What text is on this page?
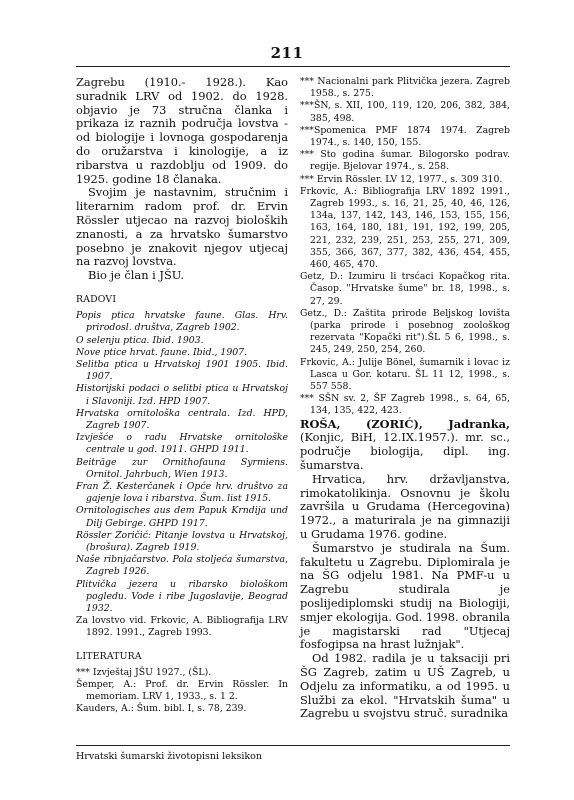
211

Zagrebu (1910.- 1928.). Kao suradnik LRV od 1902. do 1928. objavio je 73 stručna članka i prikaza iz raznih područja lovstva - od biologije i lovnoga gospodarenja do oružarstva i kinologije, a iz ribarstva u razdoblju od 1909. do 1925. godine 18 članaka.

Svojim je nastavnim, stručnim i literarnim radom prof. dr. Ervin Rössler utjecao na razvoj bioloških znanosti, a za hrvatsko šumarstvo posebno je znakovit njegov utjecaj na razvoj lovstva.

Bio je član i JŠU.

RADOVI

Popis ptica hrvatske faune. Glas. Hrv. prirodosl. društva, Zagreb 1902.

O selenju ptica. Ibid. 1903.

Nove ptice hrvat. faune. Ibid., 1907.

Selitba ptica u Hrvatskoj 1901 1905. Ibid. 1907.

Historijski podaci o selitbi ptica u Hrvatskoj i Slavoniji. Izd. HPD 1907.

Hrvatska ornitološka centrala. Izd. HPD, Zagreb 1907.

Izvješće o radu Hrvatske ornitološke centrale u god. 1911. GHPD 1911.

Beiträge zur Ornithofauna Syrmiens. Ornitol. Jahrbuch, Wien 1913.

Fran Ž. Kesterčanek i Opće hrv. društvo za gajenje lova i ribarstva. Šum. list 1915.

Ornitologisches aus dem Papuk Krndija und Dilj Gebirge. GHPD 1917.

Rössler Zoričić: Pitanje lovstva u Hrvatskoj, (brošura). Zagreb 1919.

Naše ribnjačarstvo. Pola stoljeća šumarstva, Zagreb 1926.

Plitvička jezera u ribarsko biološkom pogledu. Vode i ribe Jugoslavije, Beograd 1932.

Za lovstvo vid. Frkovic, A. Bibliografija LRV 1892. 1991., Zagreb 1993.

LITERATURA

*** Izvještaj JŠU 1927., (ŠL).

Šemper, A.: Prof. dr. Ervin Rössler. In memoriam. LRV 1, 1933., s. 1 2.

Kauders, A.: Šum. bibl. I, s. 78, 239.

*** Nacionalni park Plitvička jezera. Zagreb 1958., s. 275.

***ŠN, s. XII, 100, 119, 120, 206, 382, 384, 385, 498.

***Spomenica PMF 1874 1974. Zagreb 1974., s. 140, 150, 155.

*** Sto godina šumar. Bilogorsko podrav. regije. Bjelovar 1974., s. 258.

*** Ervin Rössler. LV 12, 1977., s. 309 310.

Frkovic, A.: Bibliografija LRV 1892 1991., Zagreb 1993., s. 16, 21, 25, 40, 46, 126, 134a, 137, 142, 143, 146, 153, 155, 156, 163, 164, 180, 181, 191, 192, 199, 205, 221, 232, 239, 251, 253, 255, 271, 309, 355, 366, 367, 377, 382, 436, 454, 455, 460, 465, 470.

Getz, D.: Izumiru li trsćaci Kopačkog rita. Časop. "Hrvatske šume" br. 18, 1998., s. 27, 29.

Getz., D.: Zaštita prirode Beljskog lovišta (parka prirode i posebnog zoološkog rezervata "Kopački rit").ŠL 5 6, 1998., s. 245, 249, 250, 254, 260.

Frkovic, A.: Julije Bönel, šumarnik i lovac iz Lasca u Gor. kotaru. ŠL 11 12, 1998., s. 557 558.

*** SŠN sv. 2, ŠF Zagreb 1998., s. 64, 65, 134, 135, 422, 423.

ROŠA, (ZORIĆ), Jadranka, (Konjic, BiH, 12.IX.1957.). mr. sc., područje biologija, dipl. ing. šumarstva.

Hrvatica, hrv. državljanstva, rimokatolikinja. Osnovnu je školu završila u Grudama (Hercegovina) 1972., a maturirala je na gimnaziji u Grudama 1976. godine.

Šumarstvo je studirala na Šum. fakultetu u Zagrebu. Diplomirala je na ŠG odjelu 1981. Na PMF-u u Zagrebu studirala je poslijediplomski studij na Biologiji, smjer ekologija. God. 1998. obranila je magistarski rad "Utjecaj fosfogipsa na hrast lužnjak".

Od 1982. radila je u taksaciji pri ŠG Zagreb, zatim u UŠ Zagreb, u Odjelu za informatiku, a od 1995. u Službi za ekol. "Hrvatskih šuma" u Zagrebu u svojstvu struč. suradnika

Hrvatski šumarski životopisni leksikon
